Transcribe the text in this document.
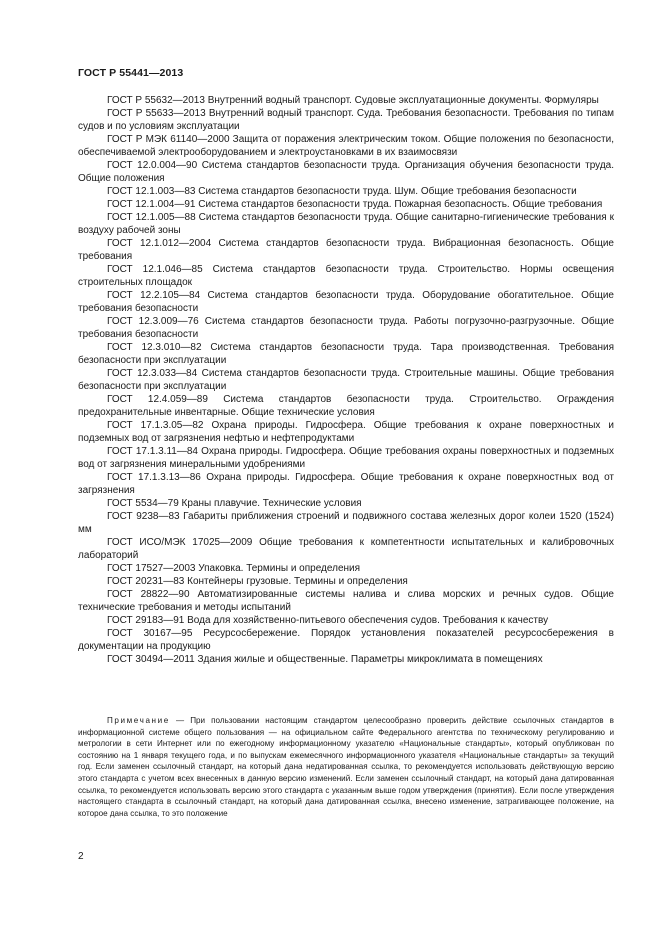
ГОСТ Р 55441—2013

ГОСТ Р 55632—2013 Внутренний водный транспорт. Судовые эксплуатационные документы. Формуляры

ГОСТ Р 55633—2013 Внутренний водный транспорт. Суда. Требования безопасности. Требования по типам судов и по условиям эксплуатации

ГОСТ Р МЭК 61140—2000 Защита от поражения электрическим током. Общие положения по безопасности, обеспечиваемой электрооборудованием и электроустановками в их взаимосвязи

ГОСТ 12.0.004—90 Система стандартов безопасности труда. Организация обучения безопасности труда. Общие положения

ГОСТ 12.1.003—83 Система стандартов безопасности труда. Шум. Общие требования безопасности

ГОСТ 12.1.004—91 Система стандартов безопасности труда. Пожарная безопасность. Общие требования

ГОСТ 12.1.005—88 Система стандартов безопасности труда. Общие санитарно-гигиенические требования к воздуху рабочей зоны

ГОСТ 12.1.012—2004 Система стандартов безопасности труда. Вибрационная безопасность. Общие требования

ГОСТ 12.1.046—85 Система стандартов безопасности труда. Строительство. Нормы освещения строительных площадок

ГОСТ 12.2.105—84 Система стандартов безопасности труда. Оборудование обогатительное. Общие требования безопасности

ГОСТ 12.3.009—76 Система стандартов безопасности труда. Работы погрузочно-разгрузочные. Общие требования безопасности

ГОСТ 12.3.010—82 Система стандартов безопасности труда. Тара производственная. Требования безопасности при эксплуатации

ГОСТ 12.3.033—84 Система стандартов безопасности труда. Строительные машины. Общие требования безопасности при эксплуатации

ГОСТ 12.4.059—89 Система стандартов безопасности труда. Строительство. Ограждения предохранительные инвентарные. Общие технические условия

ГОСТ 17.1.3.05—82 Охрана природы. Гидросфера. Общие требования к охране поверхностных и подземных вод от загрязнения нефтью и нефтепродуктами

ГОСТ 17.1.3.11—84 Охрана природы. Гидросфера. Общие требования охраны поверхностных и подземных вод от загрязнения минеральными удобрениями

ГОСТ 17.1.3.13—86 Охрана природы. Гидросфера. Общие требования к охране поверхностных вод от загрязнения

ГОСТ 5534—79 Краны плавучие. Технические условия

ГОСТ 9238—83 Габариты приближения строений и подвижного состава железных дорог колеи 1520 (1524) мм

ГОСТ ИСО/МЭК 17025—2009 Общие требования к компетентности испытательных и калибровочных лабораторий

ГОСТ 17527—2003 Упаковка. Термины и определения

ГОСТ 20231—83 Контейнеры грузовые. Термины и определения

ГОСТ 28822—90 Автоматизированные системы налива и слива морских и речных судов. Общие технические требования и методы испытаний

ГОСТ 29183—91 Вода для хозяйственно-питьевого обеспечения судов. Требования к качеству

ГОСТ 30167—95 Ресурсосбережение. Порядок установления показателей ресурсосбережения в документации на продукцию

ГОСТ 30494—2011 Здания жилые и общественные. Параметры микроклимата в помещениях

Примечание — При пользовании настоящим стандартом целесообразно проверить действие ссылочных стандартов в информационной системе общего пользования — на официальном сайте Федерального агентства по техническому регулированию и метрологии в сети Интернет или по ежегодному информационному указателю «Национальные стандарты», который опубликован по состоянию на 1 января текущего года, и по выпускам ежемесячного информационного указателя «Национальные стандарты» за текущий год. Если заменен ссылочный стандарт, на который дана недатированная ссылка, то рекомендуется использовать действующую версию этого стандарта с учетом всех внесенных в данную версию изменений. Если заменен ссылочный стандарт, на который дана датированная ссылка, то рекомендуется использовать версию этого стандарта с указанным выше годом утверждения (принятия). Если после утверждения настоящего стандарта в ссылочный стандарт, на который дана датированная ссылка, внесено изменение, затрагивающее положение, на которое дана ссылка, то это положение

2
